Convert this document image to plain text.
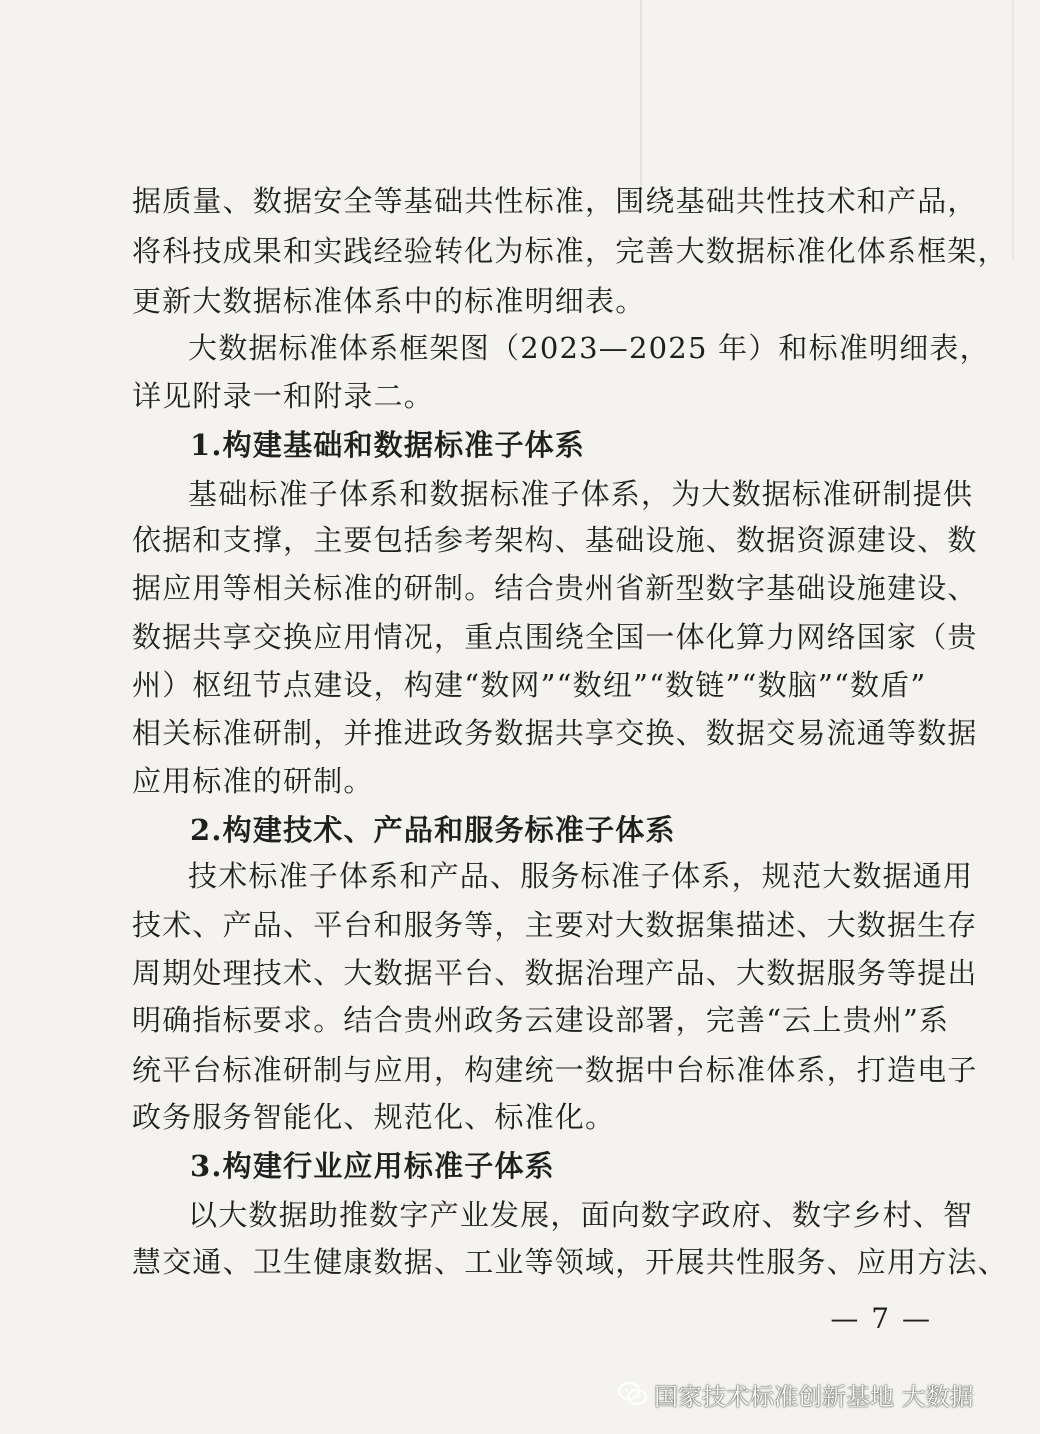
据质量、数据安全等基础共性标准，围绕基础共性技术和产品，
将科技成果和实践经验转化为标准，完善大数据标准化体系框架，
更新大数据标准体系中的标准明细表。
大数据标准体系框架图（2023—2025 年）和标准明细表，
详见附录一和附录二。
1.构建基础和数据标准子体系
基础标准子体系和数据标准子体系，为大数据标准研制提供
依据和支撑，主要包括参考架构、基础设施、数据资源建设、数
据应用等相关标准的研制。结合贵州省新型数字基础设施建设、
数据共享交换应用情况，重点围绕全国一体化算力网络国家（贵
州）枢纽节点建设，构建“数网”“数纽”“数链”“数脑”“数盾”
相关标准研制，并推进政务数据共享交换、数据交易流通等数据
应用标准的研制。
2.构建技术、产品和服务标准子体系
技术标准子体系和产品、服务标准子体系，规范大数据通用
技术、产品、平台和服务等，主要对大数据集描述、大数据生存
周期处理技术、大数据平台、数据治理产品、大数据服务等提出
明确指标要求。结合贵州政务云建设部署，完善“云上贵州”系
统平台标准研制与应用，构建统一数据中台标准体系，打造电子
政务服务智能化、规范化、标准化。
3.构建行业应用标准子体系
以大数据助推数字产业发展，面向数字政府、数字乡村、智
慧交通、卫生健康数据、工业等领域，开展共性服务、应用方法、
— 7 —
国家技术标准创新基地 大数据
